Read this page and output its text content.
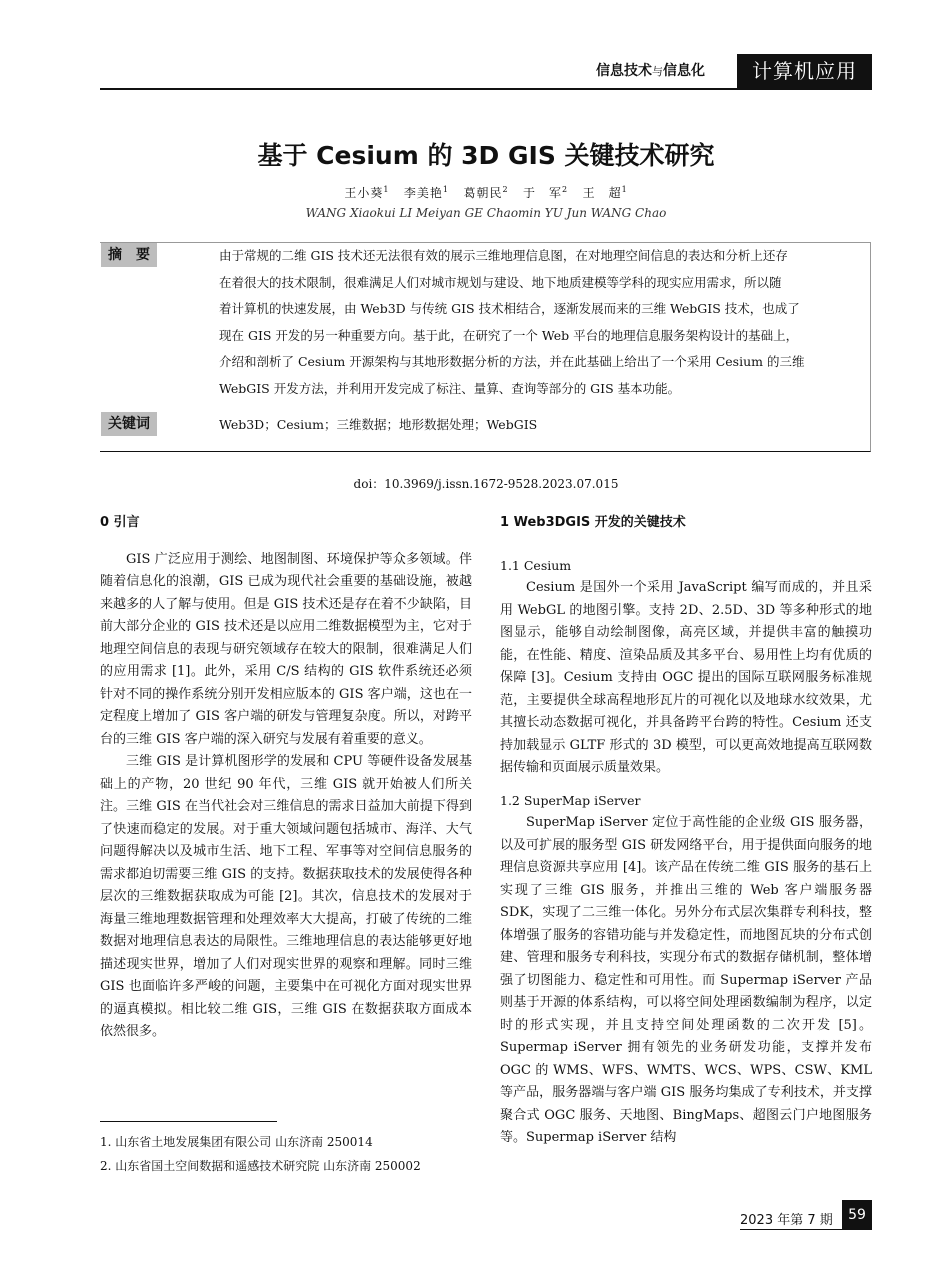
信息技术与信息化	计算机应用
基于 Cesium 的 3D GIS 关键技术研究
王小葵$^1$ 李美艳$^1$ 葛朝民$^2$ 于　军$^2$ 王　超$^1$
WANG Xiaokui LI Meiyan GE Chaomin YU Jun WANG Chao
摘　要	由于常规的二维 GIS 技术还无法很有效的展示三维地理信息图，在对地理空间信息的表达和分析上还存
在着很大的技术限制，很难满足人们对城市规划与建设、地下地质建模等学科的现实应用需求，所以随
着计算机的快速发展，由 Web3D 与传统 GIS 技术相结合，逐渐发展而来的三维 WebGIS 技术，也成了
现在 GIS 开发的另一种重要方向。基于此，在研究了一个 Web 平台的地理信息服务架构设计的基础上，
介绍和剖析了 Cesium 开源架构与其地形数据分析的方法，并在此基础上给出了一个采用 Cesium 的三维
WebGIS 开发方法，并利用开发完成了标注、量算、查询等部分的 GIS 基本功能。
关键词	Web3D；Cesium；三维数据；地形数据处理；WebGIS
doi：10.3969/j.issn.1672-9528.2023.07.015
0 引言

GIS 广泛应用于测绘、地图制图、环境保护等众多领域。伴随着信息化的浪潮，GIS 已成为现代社会重要的基础设施，被越来越多的人了解与使用。但是 GIS 技术还是存在着不少缺陷，目前大部分企业的 GIS 技术还是以应用二维数据模型为主，它对于地理空间信息的表现与研究领域存在较大的限制，很难满足人们的应用需求 [1]。此外，采用 C/S 结构的 GIS 软件系统还必须针对不同的操作系统分别开发相应版本的 GIS 客户端，这也在一定程度上增加了 GIS 客户端的研发与管理复杂度。所以，对跨平台的三维 GIS 客户端的深入研究与发展有着重要的意义。

三维 GIS 是计算机图形学的发展和 CPU 等硬件设备发展基础上的产物，20 世纪 90 年代，三维 GIS 就开始被人们所关注。三维 GIS 在当代社会对三维信息的需求日益加大前提下得到了快速而稳定的发展。对于重大领域问题包括城市、海洋、大气问题得解决以及城市生活、地下工程、军事等对空间信息服务的需求都迫切需要三维 GIS 的支持。数据获取技术的发展使得各种层次的三维数据获取成为可能 [2]。其次，信息技术的发展对于海量三维地理数据管理和处理效率大大提高，打破了传统的二维数据对地理信息表达的局限性。三维地理信息的表达能够更好地描述现实世界，增加了人们对现实世界的观察和理解。同时三维 GIS 也面临许多严峻的问题，主要集中在可视化方面对现实世界的逼真模拟。相比较二维 GIS，三维 GIS 在数据获取方面成本依然很多。

1. 山东省土地发展集团有限公司 山东济南 250014
2. 山东省国土空间数据和遥感技术研究院 山东济南 250002
1 Web3DGIS 开发的关键技术
1.1 Cesium

Cesium 是国外一个采用 JavaScript 编写而成的，并且采用 WebGL 的地图引擎。支持 2D、2.5D、3D 等多种形式的地图显示，能够自动绘制图像，高亮区域，并提供丰富的触摸功能，在性能、精度、渲染品质及其多平台、易用性上均有优质的保障 [3]。Cesium 支持由 OGC 提出的国际互联网服务标准规范，主要提供全球高程地形瓦片的可视化以及地球水纹效果，尤其擅长动态数据可视化，并具备跨平台跨的特性。Cesium 还支持加载显示 GLTF 形式的 3D 模型，可以更高效地提高互联网数据传输和页面展示质量效果。

1.2 SuperMap iServer

SuperMap iServer 定位于高性能的企业级 GIS 服务器，以及可扩展的服务型 GIS 研发网络平台，用于提供面向服务的地理信息资源共享应用 [4]。该产品在传统二维 GIS 服务的基石上实现了三维 GIS 服务，并推出三维的 Web 客户端服务器 SDK，实现了二三维一体化。另外分布式层次集群专利科技，整体增强了服务的容错功能与并发稳定性，而地图瓦块的分布式创建、管理和服务专利科技，实现分布式的数据存储机制，整体增强了切图能力、稳定性和可用性。而 Supermap iServer 产品则基于开源的体系结构，可以将空间处理函数编制为程序，以定时的形式实现，并且支持空间处理函数的二次开发 [5]。Supermap iServer 拥有领先的业务研发功能，支撑并发布 OGC 的 WMS、WFS、WMTS、WCS、WPS、CSW、KML 等产品，服务器端与客户端 GIS 服务均集成了专利技术，并支撑聚合式 OGC 服务、天地图、BingMaps、超图云门户地图服务等。Supermap iServer 结构

2023 年第 7 期	59
